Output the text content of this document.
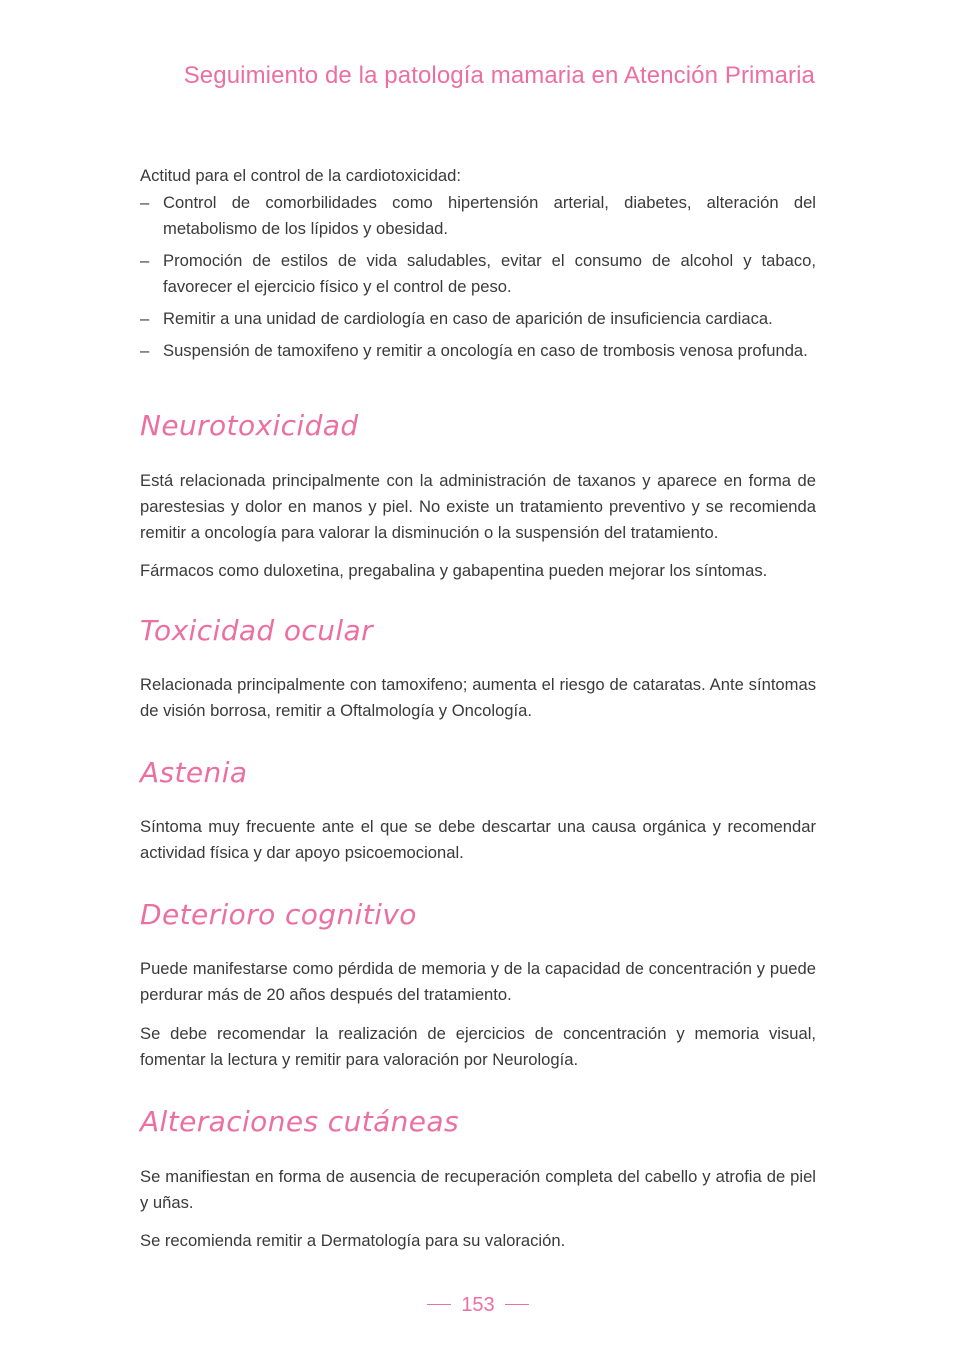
Seguimiento de la patología mamaria en Atención Primaria

Actitud para el control de la cardiotoxicidad:

– Control de comorbilidades como hipertensión arterial, diabetes, alteración del metabolismo de los lípidos y obesidad.
– Promoción de estilos de vida saludables, evitar el consumo de alcohol y tabaco, favorecer el ejercicio físico y el control de peso.
– Remitir a una unidad de cardiología en caso de aparición de insuficiencia cardiaca.
– Suspensión de tamoxifeno y remitir a oncología en caso de trombosis venosa profunda.
Neurotoxicidad

Está relacionada principalmente con la administración de taxanos y aparece en forma de parestesias y dolor en manos y piel. No existe un tratamiento preventivo y se recomienda remitir a oncología para valorar la disminución o la suspensión del tratamiento.

Fármacos como duloxetina, pregabalina y gabapentina pueden mejorar los síntomas.

Toxicidad ocular

Relacionada principalmente con tamoxifeno; aumenta el riesgo de cataratas. Ante síntomas de visión borrosa, remitir a Oftalmología y Oncología.

Astenia

Síntoma muy frecuente ante el que se debe descartar una causa orgánica y recomendar actividad física y dar apoyo psicoemocional.

Deterioro cognitivo

Puede manifestarse como pérdida de memoria y de la capacidad de concentración y puede perdurar más de 20 años después del tratamiento.

Se debe recomendar la realización de ejercicios de concentración y memoria visual, fomentar la lectura y remitir para valoración por Neurología.

Alteraciones cutáneas

Se manifiestan en forma de ausencia de recuperación completa del cabello y atrofia de piel y uñas.

Se recomienda remitir a Dermatología para su valoración.

153
